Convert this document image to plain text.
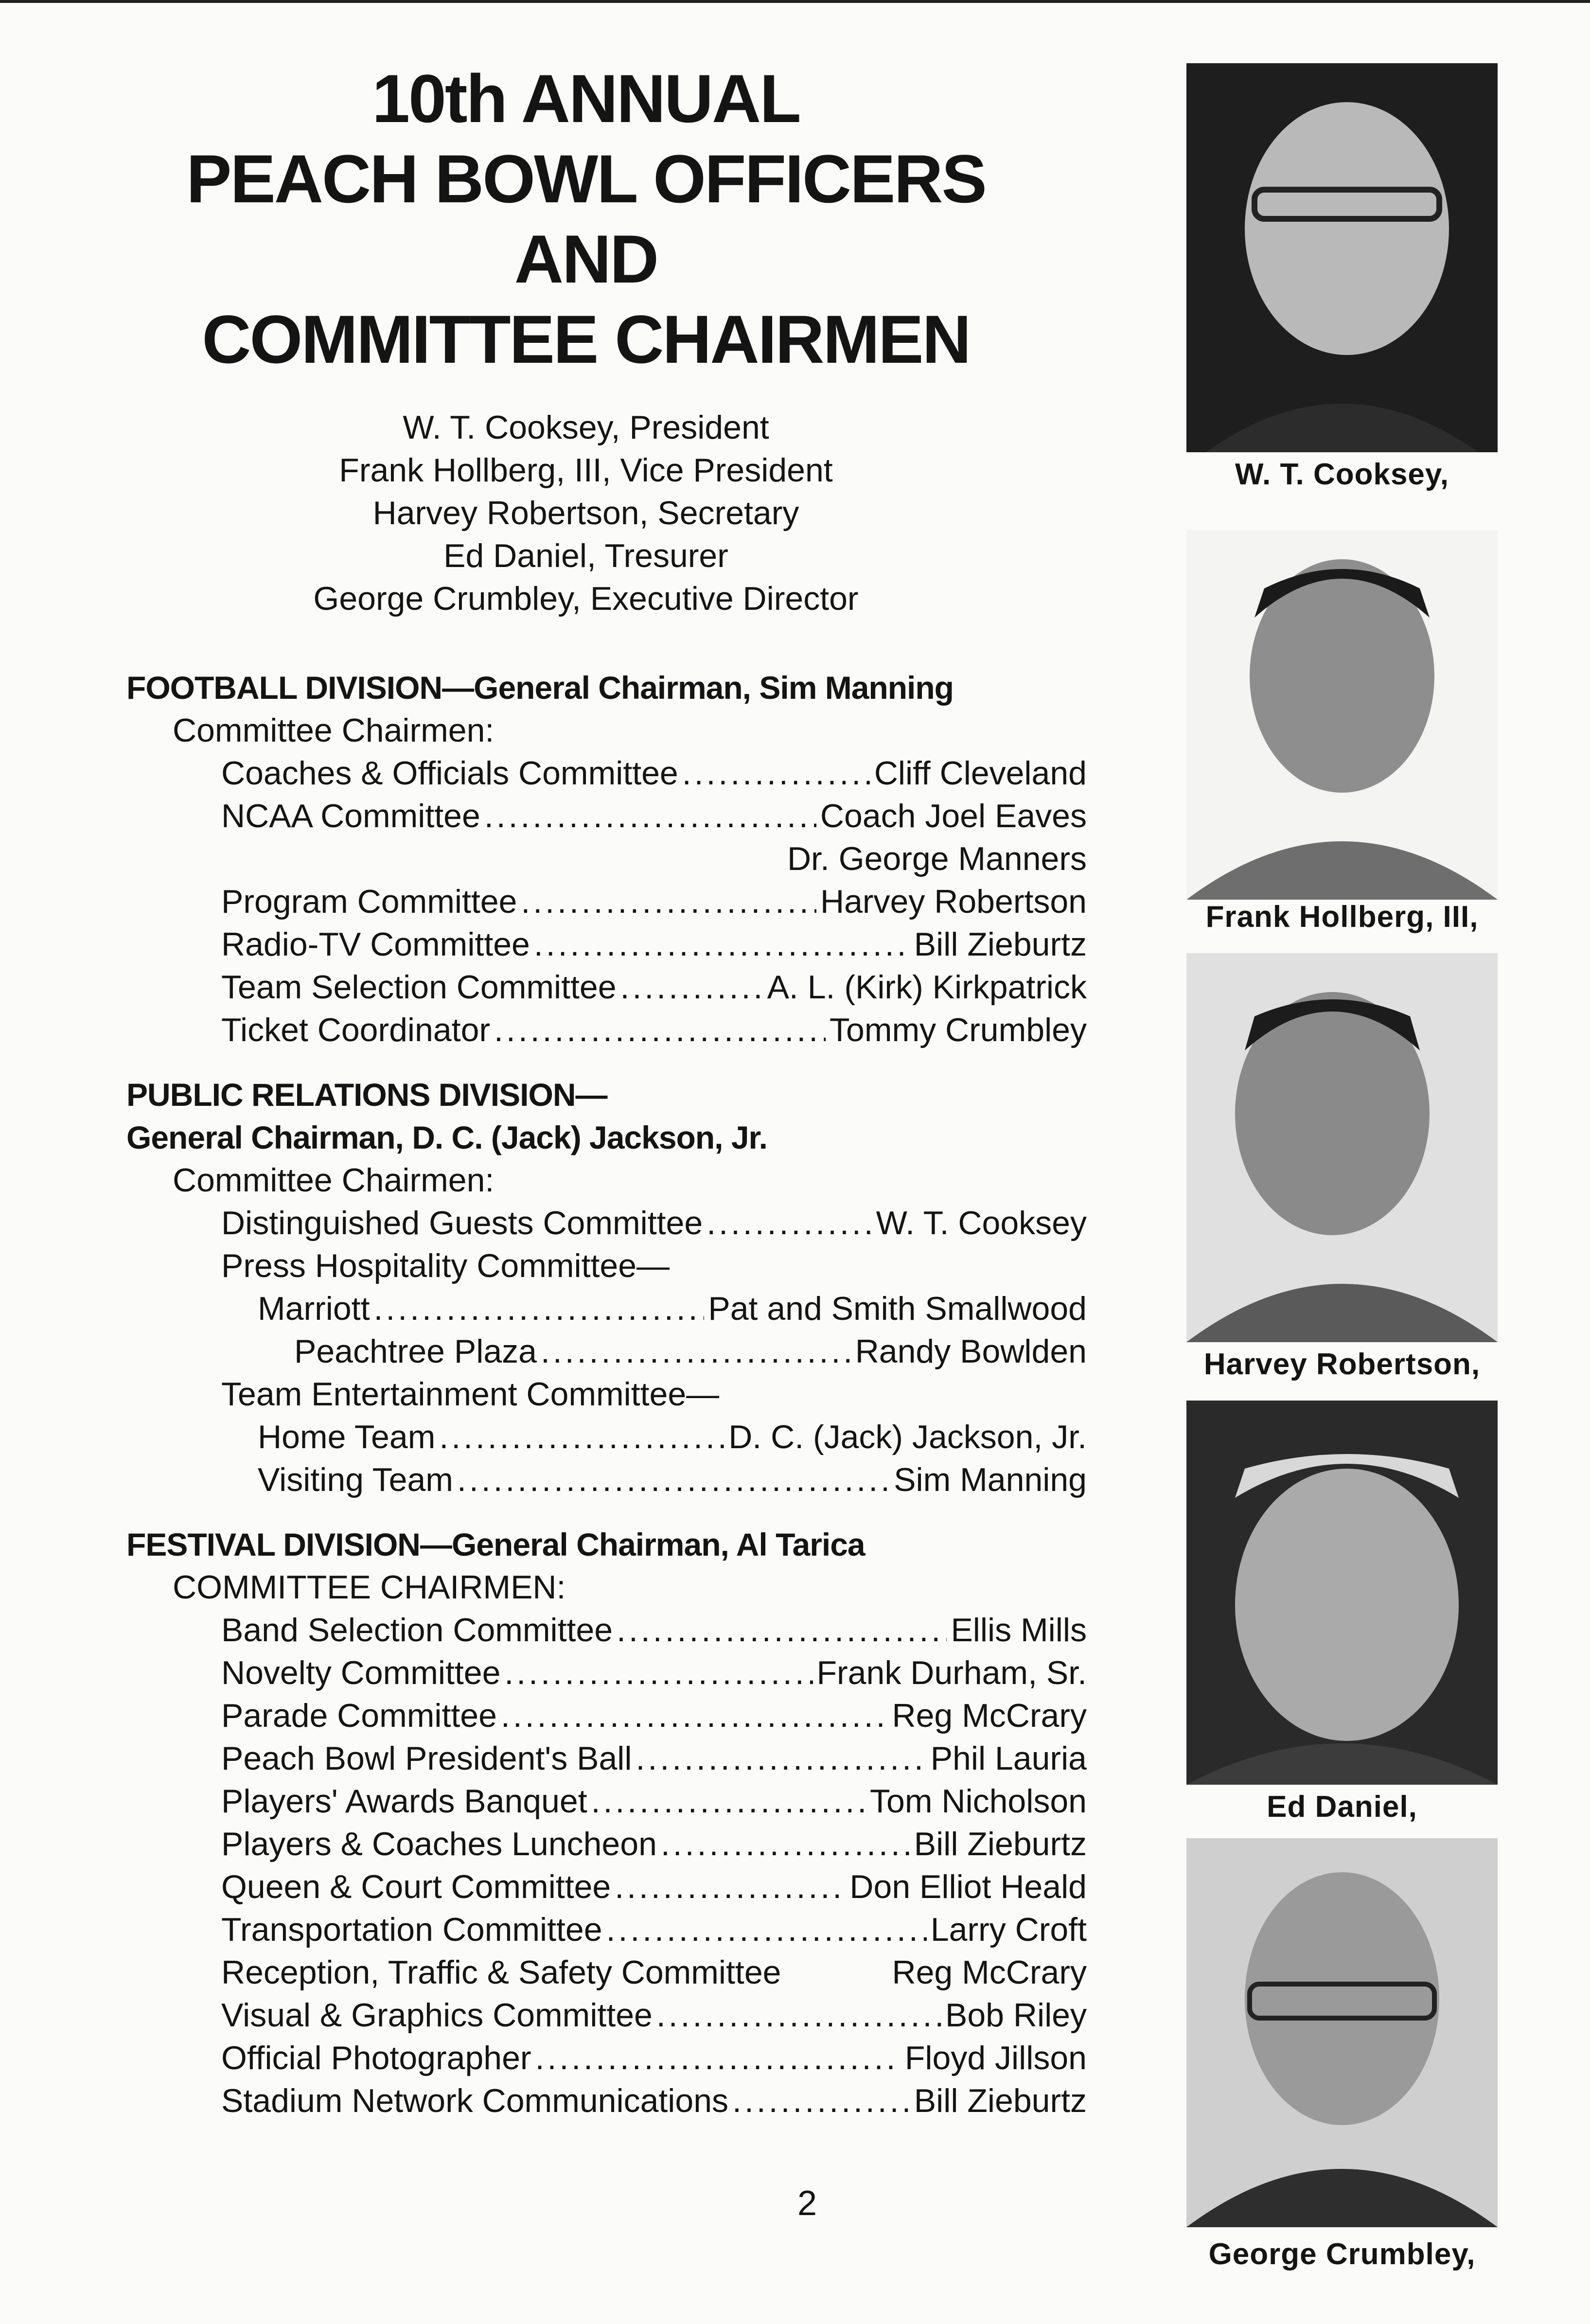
10th ANNUAL
PEACH BOWL OFFICERS
AND
COMMITTEE CHAIRMEN
W. T. Cooksey, President
Frank Hollberg, III, Vice President
Harvey Robertson, Secretary
Ed Daniel, Tresurer
George Crumbley, Executive Director
FOOTBALL DIVISION—General Chairman, Sim Manning
Committee Chairmen:
Coaches & Officials Committee .....	Cliff Cleveland
NCAA Committee .....	Coach Joel Eaves
Dr. George Manners
Program Committee .....	Harvey Robertson
Radio-TV Committee .....	Bill Zieburtz
Team Selection Committee .....	A. L. (Kirk) Kirkpatrick
Ticket Coordinator .....	Tommy Crumbley
PUBLIC RELATIONS DIVISION—
General Chairman, D. C. (Jack) Jackson, Jr.
Committee Chairmen:
Distinguished Guests Committee .....	W. T. Cooksey
Press Hospitality Committee—
Marriott .....	Pat and Smith Smallwood
Peachtree Plaza .....	Randy Bowlden
Team Entertainment Committee—
Home Team .....	D. C. (Jack) Jackson, Jr.
Visiting Team .....	Sim Manning
FESTIVAL DIVISION—General Chairman, Al Tarica
COMMITTEE CHAIRMEN:
Band Selection Committee .....	Ellis Mills
Novelty Committee .....	Frank Durham, Sr.
Parade Committee .....	Reg McCrary
Peach Bowl President's Ball .....	Phil Lauria
Players' Awards Banquet .....	Tom Nicholson
Players & Coaches Luncheon .....	Bill Zieburtz
Queen & Court Committee .....	Don Elliot Heald
Transportation Committee .....	Larry Croft
Reception, Traffic & Safety Committee	Reg McCrary
Visual & Graphics Committee .....	Bob Riley
Official Photographer .....	Floyd Jillson
Stadium Network Communications .....	Bill Zieburtz
2
W. T. Cooksey,
Frank Hollberg, III,
Harvey Robertson,
Ed Daniel,
George Crumbley,
